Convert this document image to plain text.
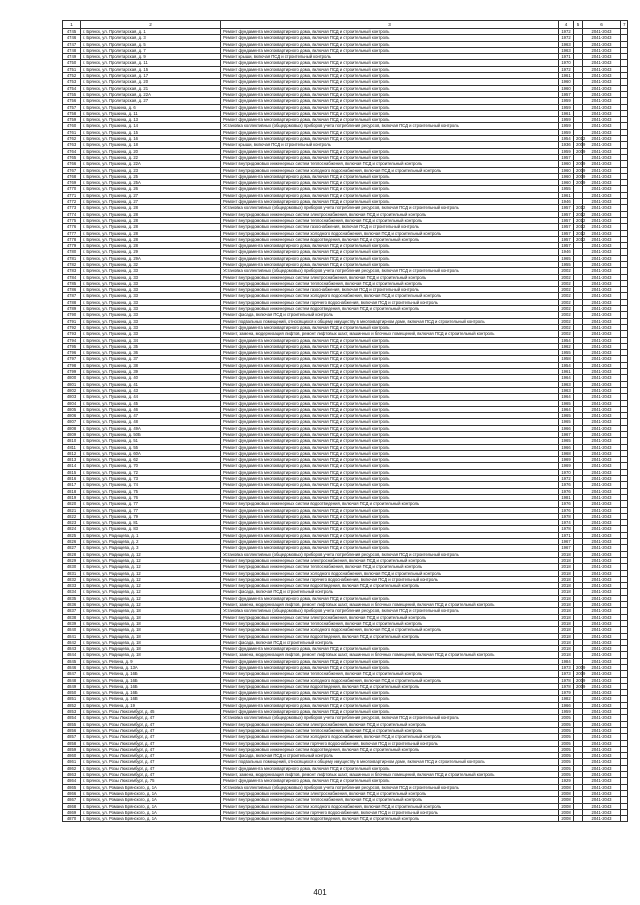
1	2	3	4	5	6	7
4745	г. Брянск, ул. Пролетарская, д. 1	Ремонт фундамента многоквартирного дома, включая ПСД и строительный контроль	1972		2041-2043	
4746	г. Брянск, ул. Пролетарская, д. 3	Ремонт фундамента многоквартирного дома, включая ПСД и строительный контроль	1972		2041-2043	
4747	г. Брянск, ул. Пролетарская, д. 5	Ремонт фундамента многоквартирного дома, включая ПСД и строительный контроль	1963		2041-2043	
4748	г. Брянск, ул. Пролетарская, д. 7	Ремонт фундамента многоквартирного дома, включая ПСД и строительный контроль	1963		2041-2043	
4749	г. Брянск, ул. Пролетарская, д. 9	Ремонт крыши, включая ПСД и строительный контроль	1971		2041-2043	
4750	г. Брянск, ул. Пролетарская, д. 11	Ремонт фундамента многоквартирного дома, включая ПСД и строительный контроль	1970		2041-2043	
4751	г. Брянск, ул. Пролетарская, д. 15	Ремонт фундамента многоквартирного дома, включая ПСД и строительный контроль	1972		2041-2043	
4752	г. Брянск, ул. Пролетарская, д. 17	Ремонт фундамента многоквартирного дома, включая ПСД и строительный контроль	1961		2041-2043	
4753	г. Брянск, ул. Пролетарская, д. 20	Ремонт фундамента многоквартирного дома, включая ПСД и строительный контроль	1960		2041-2043	
4754	г. Брянск, ул. Пролетарская, д. 21	Ремонт фундамента многоквартирного дома, включая ПСД и строительный контроль	1960		2041-2043	
4755	г. Брянск, ул. Пролетарская, д. 22А	Ремонт фундамента многоквартирного дома, включая ПСД и строительный контроль	1957		2041-2043	
4756	г. Брянск, ул. Пролетарская, д. 27	Ремонт фундамента многоквартирного дома, включая ПСД и строительный контроль	1959		2041-2043	
4757	г. Брянск, ул. Пушкина, д. 6	Ремонт фундамента многоквартирного дома, включая ПСД и строительный контроль	1959		2041-2043	
4758	г. Брянск, ул. Пушкина, д. 11	Ремонт фундамента многоквартирного дома, включая ПСД и строительный контроль	1961		2041-2043	
4759	г. Брянск, ул. Пушкина, д. 13	Ремонт фундамента многоквартирного дома, включая ПСД и строительный контроль	1959		2041-2043	
4760	г. Брянск, ул. Пушкина, д. 14	Установка коллективных (общедомовых) приборов учета потребления ресурсов, включая ПСД и строительный контроль	1959		2041-2043	
4761	г. Брянск, ул. Пушкина, д. 15	Ремонт фундамента многоквартирного дома, включая ПСД и строительный контроль	1959		2041-2043	
4762	г. Брянск, ул. Пушкина, д. 16	Ремонт фундамента многоквартирного дома, включая ПСД и строительный контроль	1954	2012	2041-2043	
4763	г. Брянск, ул. Пушкина, д. 18	Ремонт крыши, включая ПСД и строительный контроль	1936	2009	2041-2043	
4764	г. Брянск, ул. Пушкина, д. 20	Ремонт фундамента многоквартирного дома, включая ПСД и строительный контроль	1959	2009	2041-2043	
4765	г. Брянск, ул. Пушкина, д. 22	Ремонт фундамента многоквартирного дома, включая ПСД и строительный контроль	1957		2041-2043	
4766	г. Брянск, ул. Пушкина, д. 22А	Ремонт внутридомовых инженерных систем теплоснабжения, включая ПСД и строительный контроль	1960	2009	2041-2043	
4767	г. Брянск, ул. Пушкина, д. 23	Ремонт внутридомовых инженерных систем холодного водоснабжения, включая ПСД и строительный контроль	1960	2009	2041-2043	
4768	г. Брянск, ул. Пушкина, д. 25	Ремонт фундамента многоквартирного дома, включая ПСД и строительный контроль	1960	2009	2041-2043	
4769	г. Брянск, ул. Пушкина, д. 25А	Ремонт фундамента многоквартирного дома, включая ПСД и строительный контроль	1960	2009	2041-2043	
4770	г. Брянск, ул. Пушкина, д. 26	Ремонт фундамента многоквартирного дома, включая ПСД и строительный контроль	1955		2041-2043	
4771	г. Брянск, ул. Пушкина, д. 27	Ремонт фундамента многоквартирного дома, включая ПСД и строительный контроль	1961		2041-2043	
4772	г. Брянск, ул. Пушкина, д. 27	Ремонт фундамента многоквартирного дома, включая ПСД и строительный контроль	1946		2041-2043	
4773	г. Брянск, ул. Пушкина, д. 28	Установка коллективных (общедомовых) приборов учета потребления ресурсов, включая ПСД и строительный контроль	1957	2012	2041-2043	
4774	г. Брянск, ул. Пушкина, д. 28	Ремонт внутридомовых инженерных систем электроснабжения, включая ПСД и строительный контроль	1957	2012	2041-2043	
4775	г. Брянск, ул. Пушкина, д. 28	Ремонт внутридомовых инженерных систем теплоснабжения, включая ПСД и строительный контроль	1957	2012	2041-2043	
4776	г. Брянск, ул. Пушкина, д. 28	Ремонт внутридомовых инженерных систем газоснабжения, включая ПСД и строительный контроль	1957	2012	2041-2043	
4777	г. Брянск, ул. Пушкина, д. 28	Ремонт внутридомовых инженерных систем холодного водоснабжения, включая ПСД и строительный контроль	1957	2012	2041-2043	
4778	г. Брянск, ул. Пушкина, д. 28	Ремонт внутридомовых инженерных систем водоотведения, включая ПСД и строительный контроль	1957	2012	2041-2043	
4779	г. Брянск, ул. Пушкина, д. 28	Ремонт фундамента многоквартирного дома, включая ПСД и строительный контроль	1957		2041-2043	
4780	г. Брянск, ул. Пушкина, д. 29	Ремонт фундамента многоквартирного дома, включая ПСД и строительный контроль	1946		2041-2043	
4781	г. Брянск, ул. Пушкина, д. 29А	Ремонт фундамента многоквартирного дома, включая ПСД и строительный контроль	1965		2041-2043	
4782	г. Брянск, ул. Пушкина, д. 32	Ремонт фундамента многоквартирного дома, включая ПСД и строительный контроль	1955		2041-2043	
4783	г. Брянск, ул. Пушкина, д. 33	Установка коллективных (общедомовых) приборов учета потребления ресурсов, включая ПСД и строительный контроль	2002		2041-2043	
4784	г. Брянск, ул. Пушкина, д. 33	Ремонт внутридомовых инженерных систем электроснабжения, включая ПСД и строительный контроль	2002		2041-2043	
4785	г. Брянск, ул. Пушкина, д. 33	Ремонт внутридомовых инженерных систем теплоснабжения, включая ПСД и строительный контроль	2002		2041-2043	
4786	г. Брянск, ул. Пушкина, д. 33	Ремонт внутридомовых инженерных систем газоснабжения, включая ПСД и строительный контроль	2002		2041-2043	
4787	г. Брянск, ул. Пушкина, д. 33	Ремонт внутридомовых инженерных систем холодного водоснабжения, включая ПСД и строительный контроль	2002		2041-2043	
4788	г. Брянск, ул. Пушкина, д. 33	Ремонт внутридомовых инженерных систем горячего водоснабжения, включая ПСД и строительный контроль	2002		2041-2043	
4789	г. Брянск, ул. Пушкина, д. 33	Ремонт внутридомовых инженерных систем водоотведения, включая ПСД и строительный контроль	2002		2041-2043	
4790	г. Брянск, ул. Пушкина, д. 33	Ремонт фасада, включая ПСД и строительный контроль	2002		2041-2043	
4791	г. Брянск, ул. Пушкина, д. 33	Ремонт подвальных помещений, относящихся к общему имуществу в многоквартирном доме, включая ПСД и строительный контроль	2002		2041-2043	
4792	г. Брянск, ул. Пушкина, д. 33	Ремонт фундамента многоквартирного дома, включая ПСД и строительный контроль	2002		2041-2043	
4793	г. Брянск, ул. Пушкина, д. 33	Ремонт, замена, модернизация лифтов, ремонт лифтовых шахт, машинных и блочных помещений, включая ПСД и строительный контроль	2002		2041-2043	
4794	г. Брянск, ул. Пушкина, д. 34	Ремонт фундамента многоквартирного дома, включая ПСД и строительный контроль	1954		2041-2043	
4795	г. Брянск, ул. Пушкина, д. 35	Ремонт фундамента многоквартирного дома, включая ПСД и строительный контроль	1962		2041-2043	
4796	г. Брянск, ул. Пушкина, д. 36	Ремонт фундамента многоквартирного дома, включая ПСД и строительный контроль	1955		2041-2043	
4797	г. Брянск, ул. Пушкина, д. 37	Ремонт фундамента многоквартирного дома, включая ПСД и строительный контроль	1958		2041-2043	
4798	г. Брянск, ул. Пушкина, д. 38	Ремонт фундамента многоквартирного дома, включая ПСД и строительный контроль	1954		2041-2043	
4799	г. Брянск, ул. Пушкина, д. 39	Ремонт фундамента многоквартирного дома, включая ПСД и строительный контроль	1961		2041-2043	
4800	г. Брянск, ул. Пушкина, д. 40	Ремонт фундамента многоквартирного дома, включая ПСД и строительный контроль	1964		2041-2043	
4801	г. Брянск, ул. Пушкина, д. 41	Ремонт фундамента многоквартирного дома, включая ПСД и строительный контроль	1963		2041-2043	
4802	г. Брянск, ул. Пушкина, д. 43	Ремонт фундамента многоквартирного дома, включая ПСД и строительный контроль	1963		2041-2043	
4803	г. Брянск, ул. Пушкина, д. 44	Ремонт фундамента многоквартирного дома, включая ПСД и строительный контроль	1964		2041-2043	
4804	г. Брянск, ул. Пушкина, д. 45	Ремонт фундамента многоквартирного дома, включая ПСД и строительный контроль	1965		2041-2043	
4805	г. Брянск, ул. Пушкина, д. 46	Ремонт фундамента многоквартирного дома, включая ПСД и строительный контроль	1964		2041-2043	
4806	г. Брянск, ул. Пушкина, д. 47	Ремонт фундамента многоквартирного дома, включая ПСД и строительный контроль	1965		2041-2043	
4807	г. Брянск, ул. Пушкина, д. 48	Ремонт фундамента многоквартирного дома, включая ПСД и строительный контроль	1965		2041-2043	
4808	г. Брянск, ул. Пушкина, д. 49А	Ремонт фундамента многоквартирного дома, включая ПСД и строительный контроль	1966		2041-2043	
4809	г. Брянск, ул. Пушкина, д. 50Б	Ремонт фундамента многоквартирного дома, включая ПСД и строительный контроль	1967		2041-2043	
4810	г. Брянск, ул. Пушкина, д. 51	Ремонт фундамента многоквартирного дома, включая ПСД и строительный контроль	1965		2041-2043	
4811	г. Брянск, ул. Пушкина, д. 55	Ремонт фундамента многоквартирного дома, включая ПСД и строительный контроль	1966		2041-2043	
4812	г. Брянск, ул. Пушкина, д. 60А	Ремонт фундамента многоквартирного дома, включая ПСД и строительный контроль	1968		2041-2043	
4813	г. Брянск, ул. Пушкина, д. 62	Ремонт фундамента многоквартирного дома, включая ПСД и строительный контроль	1969		2041-2043	
4814	г. Брянск, ул. Пушкина, д. 70	Ремонт фундамента многоквартирного дома, включая ПСД и строительный контроль	1969		2041-2043	
4815	г. Брянск, ул. Пушкина, д. 72	Ремонт фундамента многоквартирного дома, включая ПСД и строительный контроль	1970		2041-2043	
4816	г. Брянск, ул. Пушкина, д. 73	Ремонт фундамента многоквартирного дома, включая ПСД и строительный контроль	1972		2041-2043	
4817	г. Брянск, ул. Пушкина, д. 74	Ремонт фундамента многоквартирного дома, включая ПСД и строительный контроль	1976		2041-2043	
4818	г. Брянск, ул. Пушкина, д. 75	Ремонт фундамента многоквартирного дома, включая ПСД и строительный контроль	1976		2041-2043	
4819	г. Брянск, ул. Пушкина, д. 76	Ремонт фундамента многоквартирного дома, включая ПСД и строительный контроль	1981		2041-2043	
4820	г. Брянск, ул. Пушкина, д. 77	Ремонт внутридомовых инженерных систем водоотведения, включая ПСД и строительный контроль	1976		2041-2043	
4821	г. Брянск, ул. Пушкина, д. 77	Ремонт фундамента многоквартирного дома, включая ПСД и строительный контроль	1976		2041-2043	
4822	г. Брянск, ул. Пушкина, д. 79	Ремонт фундамента многоквартирного дома, включая ПСД и строительный контроль	1978		2041-2043	
4823	г. Брянск, ул. Пушкина, д. 81	Ремонт фундамента многоквартирного дома, включая ПСД и строительный контроль	1974		2041-2043	
4824	г. Брянск, ул. Пушкина, д. 83	Ремонт фундамента многоквартирного дома, включая ПСД и строительный контроль	1978		2041-2043	
4825	г. Брянск, ул. Радищева, д. 1	Ремонт фундамента многоквартирного дома, включая ПСД и строительный контроль	1971		2041-2043	
4826	г. Брянск, ул. Радищева, д. 2	Ремонт фундамента многоквартирного дома, включая ПСД и строительный контроль	1967		2041-2043	
4827	г. Брянск, ул. Радищева, д. 3	Ремонт фундамента многоквартирного дома, включая ПСД и строительный контроль	1967		2041-2043	
4828	г. Брянск, ул. Радищева, д. 12	Установка коллективных (общедомовых) приборов учета потребления ресурсов, включая ПСД и строительный контроль	2018		2041-2043	
4829	г. Брянск, ул. Радищева, д. 12	Ремонт внутридомовых инженерных систем электроснабжения, включая ПСД и строительный контроль	2018		2041-2043	
4830	г. Брянск, ул. Радищева, д. 12	Ремонт внутридомовых инженерных систем теплоснабжения, включая ПСД и строительный контроль	2018		2041-2043	
4831	г. Брянск, ул. Радищева, д. 12	Ремонт внутридомовых инженерных систем холодного водоснабжения, включая ПСД и строительный контроль	2018		2041-2043	
4832	г. Брянск, ул. Радищева, д. 12	Ремонт внутридомовых инженерных систем горячего водоснабжения, включая ПСД и строительный контроль	2018		2041-2043	
4833	г. Брянск, ул. Радищева, д. 12	Ремонт внутридомовых инженерных систем водоотведения, включая ПСД и строительный контроль	2018		2041-2043	
4834	г. Брянск, ул. Радищева, д. 12	Ремонт фасада, включая ПСД и строительный контроль	2018		2041-2043	
4835	г. Брянск, ул. Радищева, д. 12	Ремонт фундамента многоквартирного дома, включая ПСД и строительный контроль	2018		2041-2043	
4836	г. Брянск, ул. Радищева, д. 12	Ремонт, замена, модернизация лифтов, ремонт лифтовых шахт, машинных и блочных помещений, включая ПСД и строительный контроль	2018		2041-2043	
4837	г. Брянск, ул. Радищева, д. 18	Установка коллективных (общедомовых) приборов учета потребления ресурсов, включая ПСД и строительный контроль	2018		2041-2043	
4838	г. Брянск, ул. Радищева, д. 18	Ремонт внутридомовых инженерных систем электроснабжения, включая ПСД и строительный контроль	2018		2041-2043	
4839	г. Брянск, ул. Радищева, д. 18	Ремонт внутридомовых инженерных систем теплоснабжения, включая ПСД и строительный контроль	2018		2041-2043	
4840	г. Брянск, ул. Радищева, д. 18	Ремонт внутридомовых инженерных систем холодного водоснабжения, включая ПСД и строительный контроль	2018		2041-2043	
4841	г. Брянск, ул. Радищева, д. 18	Ремонт внутридомовых инженерных систем водоотведения, включая ПСД и строительный контроль	2018		2041-2043	
4842	г. Брянск, ул. Радищева, д. 18	Ремонт фасада, включая ПСД и строительный контроль	2018		2041-2043	
4843	г. Брянск, ул. Радищева, д. 18	Ремонт фундамента многоквартирного дома, включая ПСД и строительный контроль	2018		2041-2043	
4844	г. Брянск, ул. Радищева, д. 18	Ремонт, замена, модернизация лифтов, ремонт лифтовых шахт, машинных и блочных помещений, включая ПСД и строительный контроль	2018		2041-2043	
4845	г. Брянск, ул. Репина, д. 9	Ремонт фундамента многоквартирного дома, включая ПСД и строительный контроль	1984		2041-2043	
4846	г. Брянск, ул. Репина, д. 13А	Ремонт фундамента многоквартирного дома, включая ПСД и строительный контроль	1973	2009	2041-2043	
4847	г. Брянск, ул. Репина, д. 16Б	Ремонт внутридомовых инженерных систем теплоснабжения, включая ПСД и строительный контроль	1973	2009	2041-2043	
4848	г. Брянск, ул. Репина, д. 16Б	Ремонт внутридомовых инженерных систем холодного водоснабжения, включая ПСД и строительный контроль	1978	2009	2041-2043	
4849	г. Брянск, ул. Репина, д. 16Б	Ремонт внутридомовых инженерных систем водоотведения, включая ПСД и строительный контроль	1978	2009	2041-2043	
4850	г. Брянск, ул. Репина, д. 16Б	Ремонт фундамента многоквартирного дома, включая ПСД и строительный контроль	1979		2041-2043	
4851	г. Брянск, ул. Репина, д. 16В	Ремонт фундамента многоквартирного дома, включая ПСД и строительный контроль	1982		2041-2043	
4852	г. Брянск, ул. Репина, д. 19	Ремонт фундамента многоквартирного дома, включая ПСД и строительный контроль	1966		2041-2043	
4853	г. Брянск, ул. Розы Люксембург, д. 45	Ремонт фундамента многоквартирного дома, включая ПСД и строительный контроль	1959		2041-2043	
4854	г. Брянск, ул. Розы Люксембург, д. 47	Установка коллективных (общедомовых) приборов учета потребления ресурсов, включая ПСД и строительный контроль	2005		2041-2043	
4855	г. Брянск, ул. Розы Люксембург, д. 47	Ремонт внутридомовых инженерных систем электроснабжения, включая ПСД и строительный контроль	2005		2041-2043	
4856	г. Брянск, ул. Розы Люксембург, д. 47	Ремонт внутридомовых инженерных систем теплоснабжения, включая ПСД и строительный контроль	2005		2041-2043	
4857	г. Брянск, ул. Розы Люксембург, д. 47	Ремонт внутридомовых инженерных систем холодного водоснабжения, включая ПСД и строительный контроль	2005		2041-2043	
4858	г. Брянск, ул. Розы Люксембург, д. 47	Ремонт внутридомовых инженерных систем горячего водоснабжения, включая ПСД и строительный контроль	2005		2041-2043	
4859	г. Брянск, ул. Розы Люксембург, д. 47	Ремонт внутридомовых инженерных систем водоотведения, включая ПСД и строительный контроль	2005		2041-2043	
4860	г. Брянск, ул. Розы Люксембург, д. 47	Ремонт фасада, включая ПСД и строительный контроль	2005		2041-2043	
4861	г. Брянск, ул. Розы Люксембург, д. 47	Ремонт подвальных помещений, относящихся к общему имуществу в многоквартирном доме, включая ПСД и строительный контроль	2005		2041-2043	
4862	г. Брянск, ул. Розы Люксембург, д. 47	Ремонт фундамента многоквартирного дома, включая ПСД и строительный контроль	2005		2041-2043	
4863	г. Брянск, ул. Розы Люксембург, д. 47	Ремонт, замена, модернизация лифтов, ремонт лифтовых шахт, машинных и блочных помещений, включая ПСД и строительный контроль	2005		2041-2043	
4864	г. Брянск, ул. Розы Люксембург, д. 75	Ремонт фундамента многоквартирного дома, включая ПСД и строительный контроль	1929		2041-2043	
4865	г. Брянск, ул. Романа Брянского, д. 1А	Установка коллективных (общедомовых) приборов учета потребления ресурсов, включая ПСД и строительный контроль	2008		2041-2043	
4866	г. Брянск, ул. Романа Брянского, д. 1А	Ремонт внутридомовых инженерных систем электроснабжения, включая ПСД и строительный контроль	2008		2041-2043	
4867	г. Брянск, ул. Романа Брянского, д. 1А	Ремонт внутридомовых инженерных систем теплоснабжения, включая ПСД и строительный контроль	2008		2041-2043	
4868	г. Брянск, ул. Романа Брянского, д. 1А	Ремонт внутридомовых инженерных систем холодного водоснабжения, включая ПСД и строительный контроль	2008		2041-2043	
4869	г. Брянск, ул. Романа Брянского, д. 1А	Ремонт внутридомовых инженерных систем горячего водоснабжения, включая ПСД и строительный контроль	2008		2041-2043	
4870	г. Брянск, ул. Романа Брянского, д. 1А	Ремонт внутридомовых инженерных систем водоотведения, включая ПСД и строительный контроль	2008		2041-2043	
401
